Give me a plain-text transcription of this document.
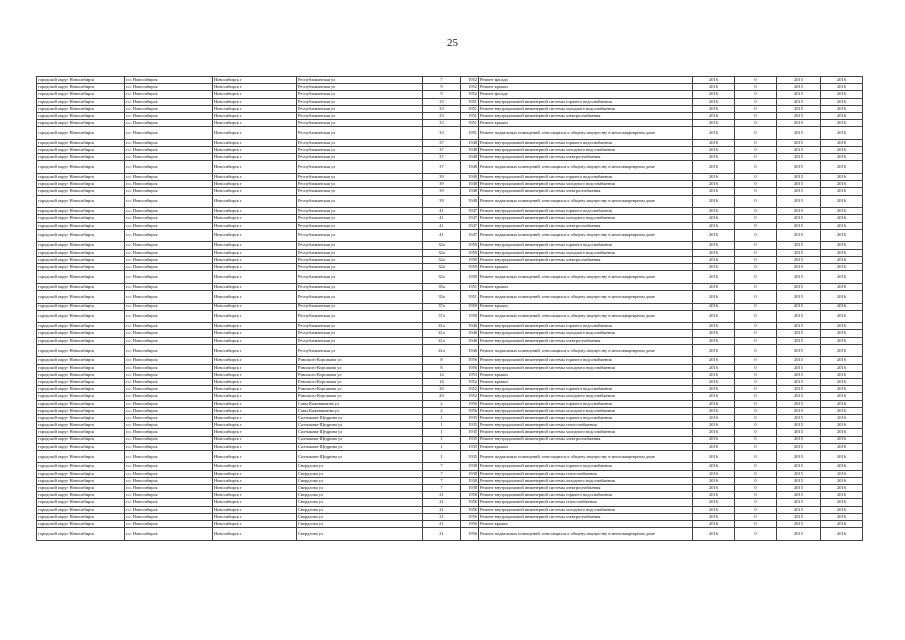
25
городской округ Новосибирск	г.о. Новосибирск	Новосибирск г	Республиканская ул	7	1952	Ремонт фасада	2016	0	2015	2016
городской округ Новосибирск	г.о. Новосибирск	Новосибирск г	Республиканская ул	9	1952	Ремонт крыши	2016	0	2015	2016
городской округ Новосибирск	г.о. Новосибирск	Новосибирск г	Республиканская ул	9	1952	Ремонт фасада	2016	0	2015	2016
городской округ Новосибирск	г.о. Новосибирск	Новосибирск г	Республиканская ул	33	1951	Ремонт внутридомовой инженерной системы горячего водоснабжения	2016	0	2015	2016
городской округ Новосибирск	г.о. Новосибирск	Новосибирск г	Республиканская ул	33	1951	Ремонт внутридомовой инженерной системы холодного водоснабжения	2016	0	2015	2016
городской округ Новосибирск	г.о. Новосибирск	Новосибирск г	Республиканская ул	33	1951	Ремонт внутридомовой инженерной системы электроснабжения	2016	0	2015	2016
городской округ Новосибирск	г.о. Новосибирск	Новосибирск г	Республиканская ул	33	1951	Ремонт крыши	2016	0	2015	2016
городской округ Новосибирск	г.о. Новосибирск	Новосибирск г	Республиканская ул	33	1951	Ремонт подвальных помещений, относящихся к общему имуществу в многоквартирном доме	2016	0	2015	2016
городской округ Новосибирск	г.о. Новосибирск	Новосибирск г	Республиканская ул	37	1948	Ремонт внутридомовой инженерной системы горячего водоснабжения	2016	0	2015	2016
городской округ Новосибирск	г.о. Новосибирск	Новосибирск г	Республиканская ул	37	1948	Ремонт внутридомовой инженерной системы холодного водоснабжения	2016	0	2015	2016
городской округ Новосибирск	г.о. Новосибирск	Новосибирск г	Республиканская ул	37	1948	Ремонт внутридомовой инженерной системы электроснабжения	2016	0	2015	2016
городской округ Новосибирск	г.о. Новосибирск	Новосибирск г	Республиканская ул	37	1948	Ремонт подвальных помещений, относящихся к общему имуществу в многоквартирном доме	2016	0	2015	2016
городской округ Новосибирск	г.о. Новосибирск	Новосибирск г	Республиканская ул	39	1948	Ремонт внутридомовой инженерной системы горячего водоснабжения	2016	0	2015	2016
городской округ Новосибирск	г.о. Новосибирск	Новосибирск г	Республиканская ул	39	1948	Ремонт внутридомовой инженерной системы холодного водоснабжения	2016	0	2015	2016
городской округ Новосибирск	г.о. Новосибирск	Новосибирск г	Республиканская ул	39	1948	Ремонт внутридомовой инженерной системы электроснабжения	2016	0	2015	2016
городской округ Новосибирск	г.о. Новосибирск	Новосибирск г	Республиканская ул	39	1948	Ремонт подвальных помещений, относящихся к общему имуществу в многоквартирном доме	2016	0	2015	2016
городской округ Новосибирск	г.о. Новосибирск	Новосибирск г	Республиканская ул	41	1947	Ремонт внутридомовой инженерной системы горячего водоснабжения	2016	0	2015	2016
городской округ Новосибирск	г.о. Новосибирск	Новосибирск г	Республиканская ул	41	1947	Ремонт внутридомовой инженерной системы холодного водоснабжения	2016	0	2015	2016
городской округ Новосибирск	г.о. Новосибирск	Новосибирск г	Республиканская ул	41	1947	Ремонт внутридомовой инженерной системы электроснабжения	2016	0	2015	2016
городской округ Новосибирск	г.о. Новосибирск	Новосибирск г	Республиканская ул	41	1947	Ремонт подвальных помещений, относящихся к общему имуществу в многоквартирном доме	2016	0	2015	2016
городской округ Новосибирск	г.о. Новосибирск	Новосибирск г	Республиканская ул	32а	1950	Ремонт внутридомовой инженерной системы горячего водоснабжения	2016	0	2015	2016
городской округ Новосибирск	г.о. Новосибирск	Новосибирск г	Республиканская ул	32а	1950	Ремонт внутридомовой инженерной системы холодного водоснабжения	2016	0	2015	2016
городской округ Новосибирск	г.о. Новосибирск	Новосибирск г	Республиканская ул	32а	1950	Ремонт внутридомовой инженерной системы электроснабжения	2016	0	2015	2016
городской округ Новосибирск	г.о. Новосибирск	Новосибирск г	Республиканская ул	32а	1950	Ремонт крыши	2016	0	2015	2016
городской округ Новосибирск	г.о. Новосибирск	Новосибирск г	Республиканская ул	32а	1950	Ремонт подвальных помещений, относящихся к общему имуществу в многоквартирном доме	2016	0	2015	2016
городской округ Новосибирск	г.о. Новосибирск	Новосибирск г	Республиканская ул	35а	1951	Ремонт крыши	2016	0	2015	2016
городской округ Новосибирск	г.о. Новосибирск	Новосибирск г	Республиканская ул	35а	1951	Ремонт подвальных помещений, относящихся к общему имуществу в многоквартирном доме	2016	0	2015	2016
городской округ Новосибирск	г.о. Новосибирск	Новосибирск г	Республиканская ул	37а	1950	Ремонт крыши	2016	0	2015	2016
городской округ Новосибирск	г.о. Новосибирск	Новосибирск г	Республиканская ул	37а	1950	Ремонт подвальных помещений, относящихся к общему имуществу в многоквартирном доме	2016	0	2015	2016
городской округ Новосибирск	г.о. Новосибирск	Новосибирск г	Республиканская ул	41а	1946	Ремонт внутридомовой инженерной системы горячего водоснабжения	2016	0	2015	2016
городской округ Новосибирск	г.о. Новосибирск	Новосибирск г	Республиканская ул	41а	1946	Ремонт внутридомовой инженерной системы холодного водоснабжения	2016	0	2015	2016
городской округ Новосибирск	г.о. Новосибирск	Новосибирск г	Республиканская ул	41а	1946	Ремонт внутридомовой инженерной системы электроснабжения	2016	0	2015	2016
городской округ Новосибирск	г.о. Новосибирск	Новосибирск г	Республиканская ул	41а	1946	Ремонт подвальных помещений, относящихся к общему имуществу в многоквартирном доме	2016	0	2015	2016
городской округ Новосибирск	г.о. Новосибирск	Новосибирск г	Римского-Корсакова ул	8	1956	Ремонт внутридомовой инженерной системы горячего водоснабжения	2016	0	2015	2016
городской округ Новосибирск	г.о. Новосибирск	Новосибирск г	Римского-Корсакова ул	8	1956	Ремонт внутридомовой инженерной системы холодного водоснабжения	2016	0	2015	2016
городской округ Новосибирск	г.о. Новосибирск	Новосибирск г	Римского-Корсакова ул	14	1953	Ремонт крыши	2016	0	2015	2016
городской округ Новосибирск	г.о. Новосибирск	Новосибирск г	Римского-Корсакова ул	16	1952	Ремонт крыши	2016	0	2015	2016
городской округ Новосибирск	г.о. Новосибирск	Новосибирск г	Римского-Корсакова ул	20	1952	Ремонт внутридомовой инженерной системы горячего водоснабжения	2016	0	2015	2016
городской округ Новосибирск	г.о. Новосибирск	Новосибирск г	Римского-Корсакова ул	20	1952	Ремонт внутридомовой инженерной системы холодного водоснабжения	2016	0	2015	2016
городской округ Новосибирск	г.о. Новосибирск	Новосибирск г	Савы Кожевникова ул	2	1956	Ремонт внутридомовой инженерной системы горячего водоснабжения	2016	0	2015	2016
городской округ Новосибирск	г.о. Новосибирск	Новосибирск г	Савы Кожевникова ул	2	1956	Ремонт внутридомовой инженерной системы холодного водоснабжения	2016	0	2015	2016
городской округ Новосибирск	г.о. Новосибирск	Новосибирск г	Салтыкова-Щедрина ул	1	1935	Ремонт внутридомовой инженерной системы горячего водоснабжения	2016	0	2015	2016
городской округ Новосибирск	г.о. Новосибирск	Новосибирск г	Салтыкова-Щедрина ул	1	1935	Ремонт внутридомовой инженерной системы теплоснабжения	2016	0	2015	2016
городской округ Новосибирск	г.о. Новосибирск	Новосибирск г	Салтыкова-Щедрина ул	1	1935	Ремонт внутридомовой инженерной системы холодного водоснабжения	2016	0	2015	2016
городской округ Новосибирск	г.о. Новосибирск	Новосибирск г	Салтыкова-Щедрина ул	1	1935	Ремонт внутридомовой инженерной системы электроснабжения	2016	0	2015	2016
городской округ Новосибирск	г.о. Новосибирск	Новосибирск г	Салтыкова-Щедрина ул	1	1935	Ремонт крыши	2016	0	2015	2016
городской округ Новосибирск	г.о. Новосибирск	Новосибирск г	Салтыкова-Щедрина ул	1	1935	Ремонт подвальных помещений, относящихся к общему имуществу в многоквартирном доме	2016	0	2015	2016
городской округ Новосибирск	г.о. Новосибирск	Новосибирск г	Свердлова ул	7	1938	Ремонт внутридомовой инженерной системы горячего водоснабжения	2016	0	2015	2016
городской округ Новосибирск	г.о. Новосибирск	Новосибирск г	Свердлова ул	7	1938	Ремонт внутридомовой инженерной системы теплоснабжения	2016	0	2015	2016
городской округ Новосибирск	г.о. Новосибирск	Новосибирск г	Свердлова ул	7	1938	Ремонт внутридомовой инженерной системы холодного водоснабжения	2016	0	2015	2016
городской округ Новосибирск	г.о. Новосибирск	Новосибирск г	Свердлова ул	7	1938	Ремонт внутридомовой инженерной системы электроснабжения	2016	0	2015	2016
городской округ Новосибирск	г.о. Новосибирск	Новосибирск г	Свердлова ул	21	1956	Ремонт внутридомовой инженерной системы горячего водоснабжения	2016	0	2015	2016
городской округ Новосибирск	г.о. Новосибирск	Новосибирск г	Свердлова ул	21	1956	Ремонт внутридомовой инженерной системы теплоснабжения	2016	0	2015	2016
городской округ Новосибирск	г.о. Новосибирск	Новосибирск г	Свердлова ул	21	1956	Ремонт внутридомовой инженерной системы холодного водоснабжения	2016	0	2015	2016
городской округ Новосибирск	г.о. Новосибирск	Новосибирск г	Свердлова ул	21	1956	Ремонт внутридомовой инженерной системы электроснабжения	2016	0	2015	2016
городской округ Новосибирск	г.о. Новосибирск	Новосибирск г	Свердлова ул	21	1956	Ремонт крыши	2016	0	2015	2016
городской округ Новосибирск	г.о. Новосибирск	Новосибирск г	Свердлова ул	21	1956	Ремонт подвальных помещений, относящихся к общему имуществу в многоквартирном доме	2016	0	2015	2016
